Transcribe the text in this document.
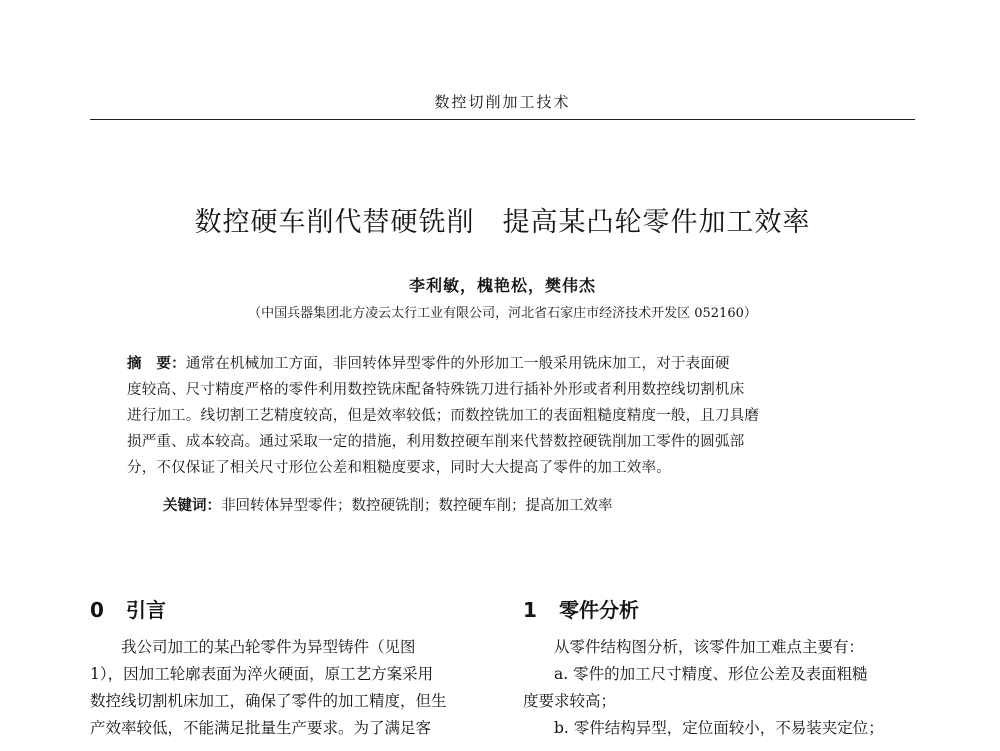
数控切削加工技术
数控硬车削代替硬铣削　提高某凸轮零件加工效率
李利敏，槐艳松，樊伟杰
（中国兵器集团北方凌云太行工业有限公司，河北省石家庄市经济技术开发区 052160）
摘　要：通常在机械加工方面，非回转体异型零件的外形加工一般采用铣床加工，对于表面硬
度较高、尺寸精度严格的零件利用数控铣床配备特殊铣刀进行插补外形或者利用数控线切割机床
进行加工。线切割工艺精度较高，但是效率较低；而数控铣加工的表面粗糙度精度一般，且刀具磨
损严重、成本较高。通过采取一定的措施，利用数控硬车削来代替数控硬铣削加工零件的圆弧部
分，不仅保证了相关尺寸形位公差和粗糙度要求，同时大大提高了零件的加工效率。
关键词：非回转体异型零件；数控硬铣削；数控硬车削；提高加工效率
0 引言	1 零件分析
　　我公司加工的某凸轮零件为异型铸件（见图
1），因加工轮廓表面为淬火硬面，原工艺方案采用
数控线切割机床加工，确保了零件的加工精度，但生
产效率较低，不能满足批量生产要求。为了满足客
　　从零件结构图分析，该零件加工难点主要有：
　　a. 零件的加工尺寸精度、形位公差及表面粗糙
度要求较高；
　　b. 零件结构异型，定位面较小，不易装夹定位；
